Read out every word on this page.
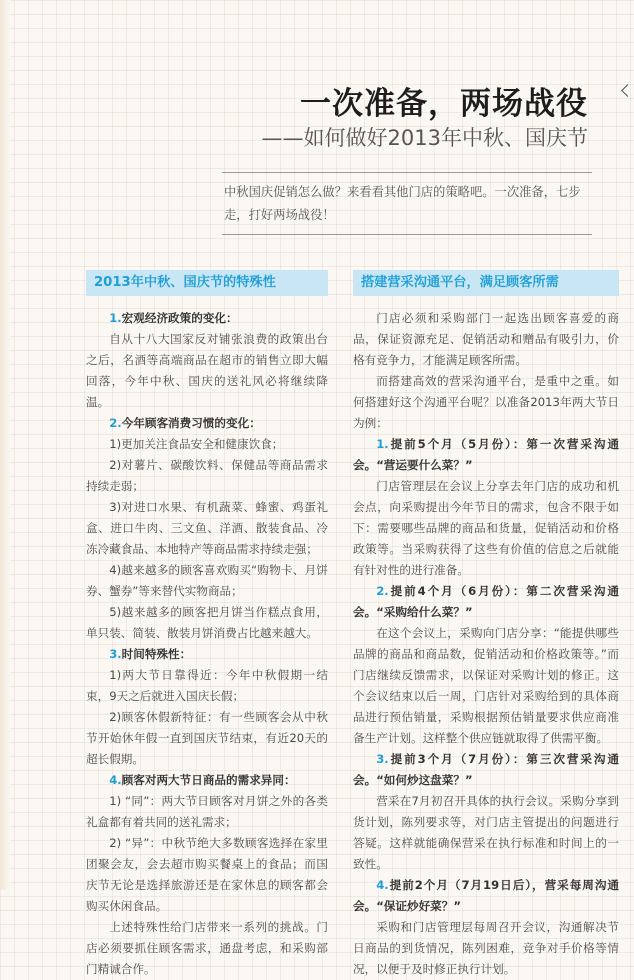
一次准备，两场战役
——如何做好2013年中秋、国庆节
中秋国庆促销怎么做？来看看其他门店的策略吧。一次准备，七步走，打好两场战役！
2013年中秋、国庆节的特殊性

1.宏观经济政策的变化：

自从十八大国家反对铺张浪费的政策出台之后，名酒等高端商品在超市的销售立即大幅回落，今年中秋、国庆的送礼风必将继续降温。

2.今年顾客消费习惯的变化：

1)更加关注食品安全和健康饮食；

2)对薯片、碳酸饮料、保健品等商品需求持续走弱；

3)对进口水果、有机蔬菜、蜂蜜、鸡蛋礼盒、进口牛肉、三文鱼、洋酒、散装食品、冷冻冷藏食品、本地特产等商品需求持续走强；

4)越来越多的顾客喜欢购买“购物卡、月饼券、蟹券”等来替代实物商品；

5)越来越多的顾客把月饼当作糕点食用，单只装、简装、散装月饼消费占比越来越大。

3.时间特殊性：

1)两大节日靠得近：今年中秋假期一结束，9天之后就进入国庆长假；

2)顾客休假新特征：有一些顾客会从中秋节开始休年假一直到国庆节结束，有近20天的超长假期。

4.顾客对两大节日商品的需求异同：

1) “同”：两大节日顾客对月饼之外的各类礼盒都有着共同的送礼需求；

2) “异”：中秋节绝大多数顾客选择在家里团聚会友，会去超市购买餐桌上的食品；而国庆节无论是选择旅游还是在家休息的顾客都会购买休闲食品。

上述特殊性给门店带来一系列的挑战。门店必须要抓住顾客需求，通盘考虑，和采购部门精诚合作。

搭建营采沟通平台，满足顾客所需

门店必须和采购部门一起选出顾客喜爱的商品，保证资源充足、促销活动和赠品有吸引力，价格有竞争力，才能满足顾客所需。

而搭建高效的营采沟通平台，是重中之重。如何搭建好这个沟通平台呢？以准备2013年两大节日为例：

1.提前5个月（5月份）：第一次营采沟通会。“营运要什么菜？”

门店管理层在会议上分享去年门店的成功和机会点，向采购提出今年节日的需求，包含不限于如下：需要哪些品牌的商品和货量，促销活动和价格政策等。当采购获得了这些有价值的信息之后就能有针对性的进行准备。

2.提前4个月（6月份）：第二次营采沟通会。“采购给什么菜？”

在这个会议上，采购向门店分享：“能提供哪些品牌的商品和商品数，促销活动和价格政策等。”而门店继续反馈需求，以保证对采购计划的修正。这个会议结束以后一周，门店针对采购给到的具体商品进行预估销量，采购根据预估销量要求供应商准备生产计划。这样整个供应链就取得了供需平衡。

3.提前3个月（7月份）：第三次营采沟通会。“如何炒这盘菜？”

营采在7月初召开具体的执行会议。采购分享到货计划，陈列要求等，对门店主管提出的问题进行答疑。这样就能确保营采在执行标准和时间上的一致性。

4.提前2个月（7月19日后），营采每周沟通会。“保证炒好菜？”

采购和门店管理层每周召开会议，沟通解决节日商品的到货情况，陈列困难，竞争对手价格等情况，以便于及时修正执行计划。
